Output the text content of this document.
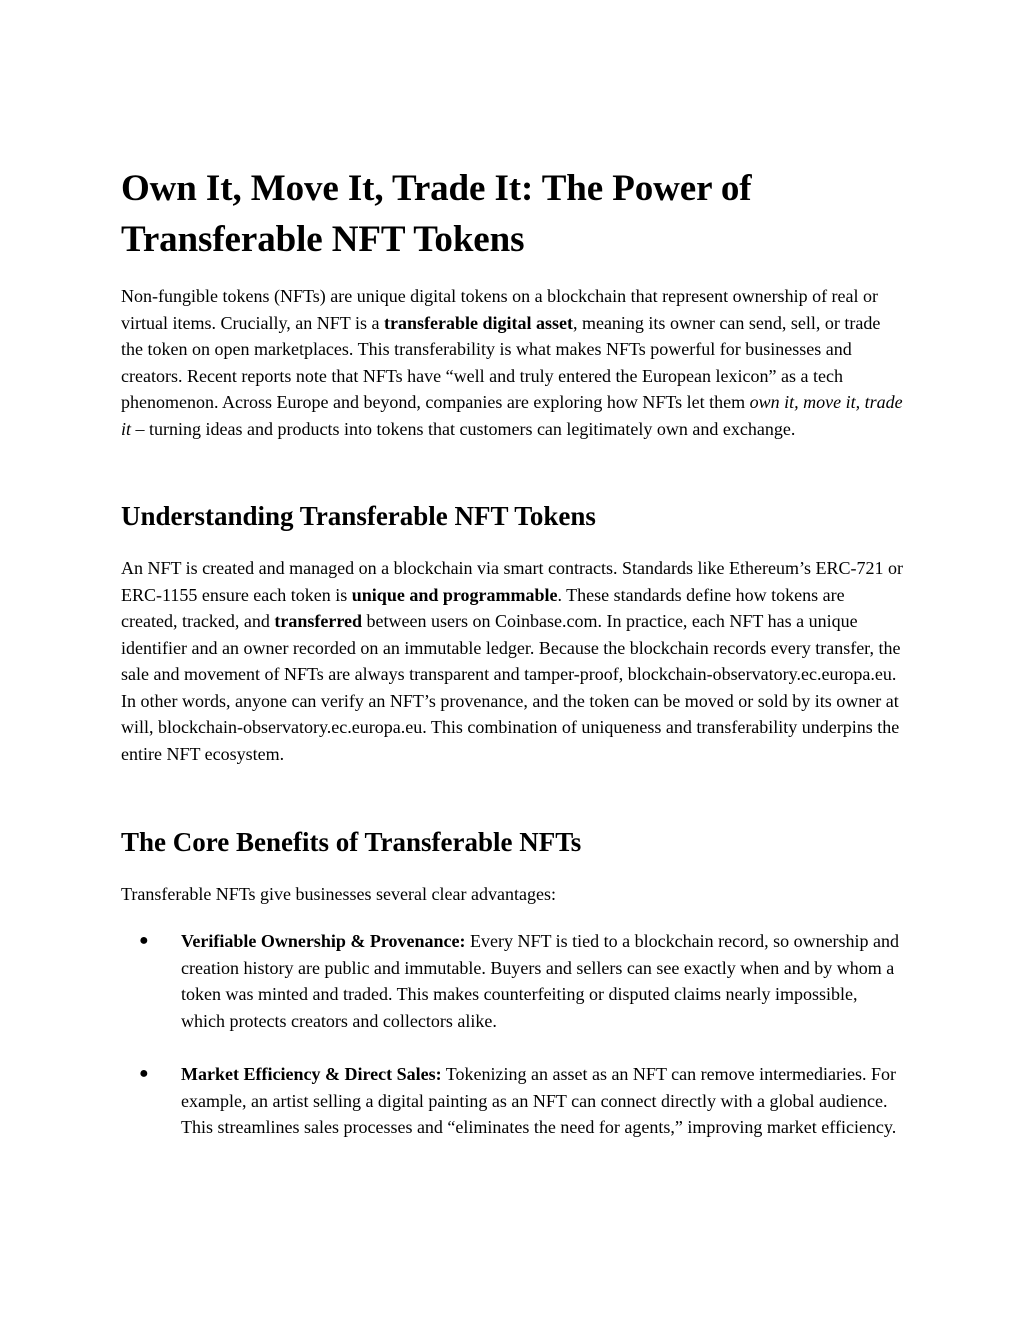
Own It, Move It, Trade It: The Power of Transferable NFT Tokens

Non-fungible tokens (NFTs) are unique digital tokens on a blockchain that represent ownership of real or virtual items. Crucially, an NFT is a transferable digital asset, meaning its owner can send, sell, or trade the token on open marketplaces. This transferability is what makes NFTs powerful for businesses and creators. Recent reports note that NFTs have “well and truly entered the European lexicon” as a tech phenomenon. Across Europe and beyond, companies are exploring how NFTs let them own it, move it, trade it – turning ideas and products into tokens that customers can legitimately own and exchange.

Understanding Transferable NFT Tokens

An NFT is created and managed on a blockchain via smart contracts. Standards like Ethereum’s ERC-721 or ERC-1155 ensure each token is unique and programmable. These standards define how tokens are created, tracked, and transferred between users on Coinbase.com. In practice, each NFT has a unique identifier and an owner recorded on an immutable ledger. Because the blockchain records every transfer, the sale and movement of NFTs are always transparent and tamper-proof, blockchain-observatory.ec.europa.eu. In other words, anyone can verify an NFT’s provenance, and the token can be moved or sold by its owner at will, blockchain-observatory.ec.europa.eu. This combination of uniqueness and transferability underpins the entire NFT ecosystem.

The Core Benefits of Transferable NFTs

Transferable NFTs give businesses several clear advantages:

● Verifiable Ownership & Provenance: Every NFT is tied to a blockchain record, so ownership and creation history are public and immutable. Buyers and sellers can see exactly when and by whom a token was minted and traded. This makes counterfeiting or disputed claims nearly impossible, which protects creators and collectors alike.

● Market Efficiency & Direct Sales: Tokenizing an asset as an NFT can remove intermediaries. For example, an artist selling a digital painting as an NFT can connect directly with a global audience. This streamlines sales processes and “eliminates the need for agents,” improving market efficiency.
